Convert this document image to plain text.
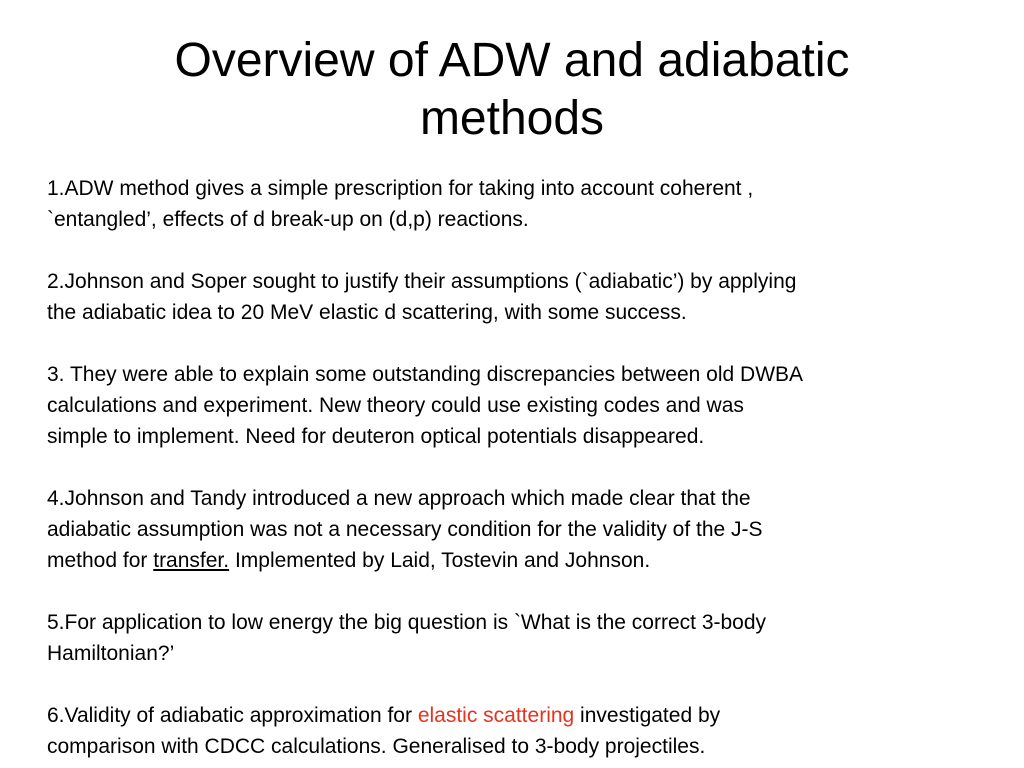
Overview of ADW and adiabatic
methods
1.ADW method gives a simple prescription for taking into account coherent ,
`entangled’, effects of d break-up on (d,p) reactions.
2.Johnson and Soper sought to justify their assumptions (`adiabatic’) by applying
the adiabatic idea to 20 MeV elastic d scattering, with some success.
3. They were able to explain some outstanding discrepancies between old DWBA
calculations and experiment. New theory could use existing codes and was
simple to implement. Need for deuteron optical potentials disappeared.
4.Johnson and Tandy introduced a new approach which made clear that the
adiabatic assumption was not a necessary condition for the validity of the J-S
method for transfer. Implemented by Laid, Tostevin and Johnson.
5.For application to low energy the big question is `What is the correct 3-body
Hamiltonian?’
6.Validity of adiabatic approximation for elastic scattering investigated by
comparison with CDCC calculations. Generalised to 3-body projectiles.
